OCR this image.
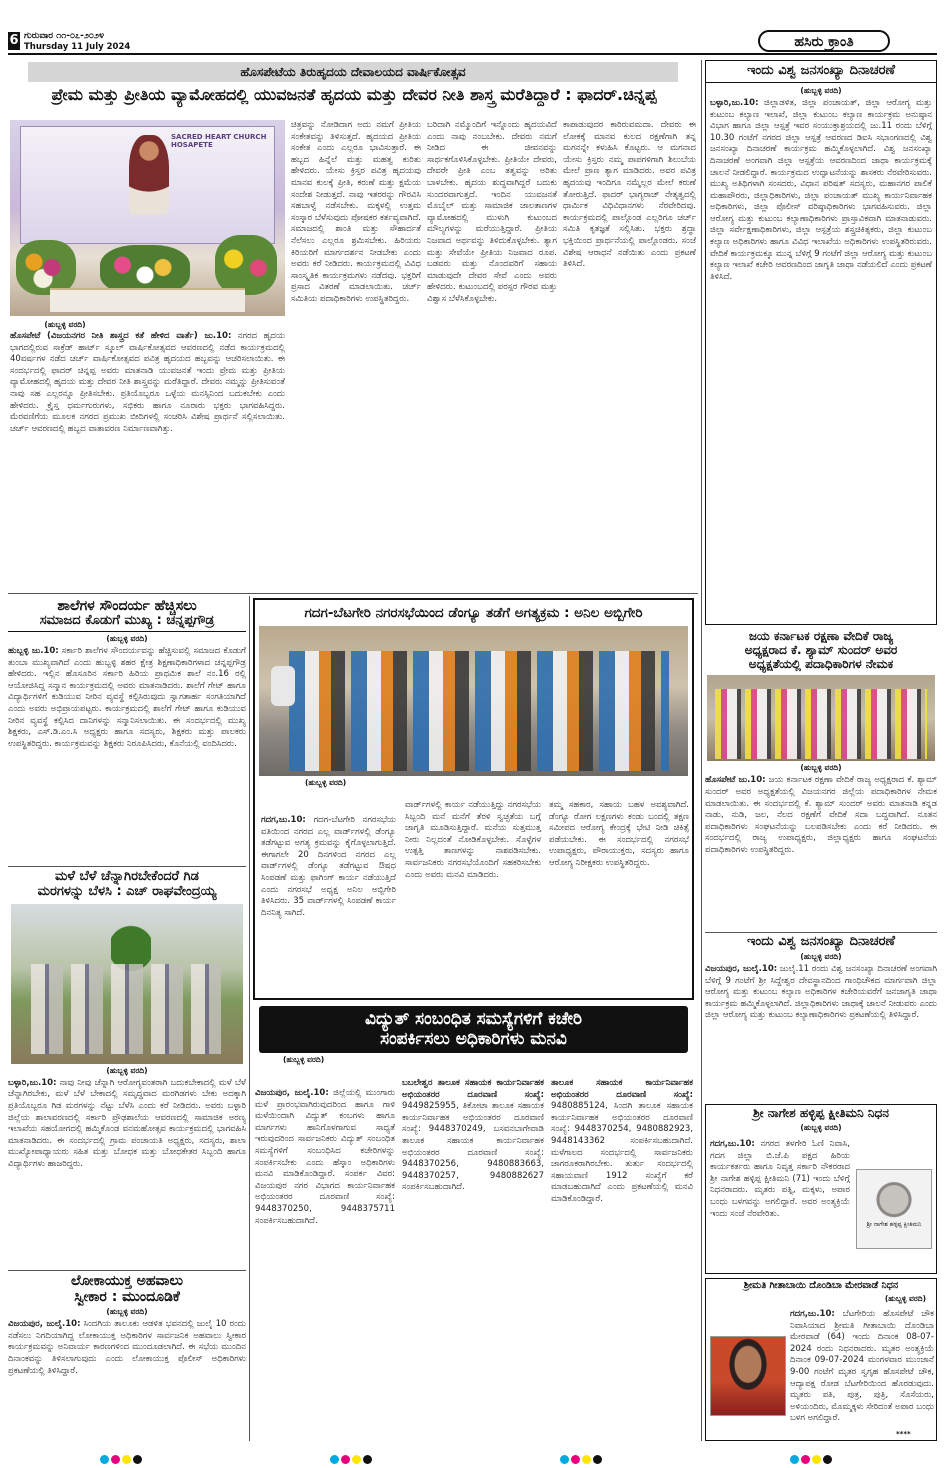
6 ಗುರುವಾರ ೧೧-೦೭-೨೦೨೪
Thursday 11 July 2024	ಹಸಿರು ಕ್ರಾಂತಿ
ಹೊಸಪೇಟೆಯ ತಿರುಹೃದಯ ದೇವಾಲಯದ ವಾರ್ಷಿಕೋತ್ಸವ
ಪ್ರೇಮ ಮತ್ತು ಪ್ರೀತಿಯ ವ್ಯಾಮೋಹದಲ್ಲಿ ಯುವಜನತೆ ಹೃದಯ ಮತ್ತು ದೇವರ ನೀತಿ ಶಾಸ್ತ್ರ ಮರೆತಿದ್ದಾರೆ : ಫಾದರ್.ಚಿನ್ನಪ್ಪ
SACRED HEART CHURCH HOSAPETE
(ಹುಬ್ಬಳ್ಳಿ ವರದಿ)
ಹೊಸಪೇಟೆ (ವಿಜಯನಗರ ನೀತಿ ಶಾಸ್ತ್ರದ ಕತೆ ಹೇಳಿದ ವಾರ್ತೆ) ಜು.10: ನಗರದ ಹೃದಯ ಭಾಗದಲ್ಲಿರುವ ಸಾಕ್ರೆಡ್ ಹಾರ್ಟ್ ಸ್ಕೂಲ್ ವಾರ್ಷಿಕೋತ್ಸವದ ಆವರಣದಲ್ಲಿ ನಡೆದ ಕಾರ್ಯಕ್ರಮದಲ್ಲಿ 40ವರ್ಷಗಳ ನಡೆದ ಚರ್ಚ್ ವಾರ್ಷಿಕೋತ್ಸವದ ಪವಿತ್ರ ಹೃದಯದ ಹಬ್ಬವನ್ನು ಆಚರಿಸಲಾಯಿತು. ಈ ಸಂದರ್ಭದಲ್ಲಿ ಫಾದರ್ ಚಿನ್ನಪ್ಪ ಅವರು ಮಾತನಾಡಿ ಯುವಜನತೆ ಇಂದು ಪ್ರೇಮ ಮತ್ತು ಪ್ರೀತಿಯ ವ್ಯಾಮೋಹದಲ್ಲಿ ಹೃದಯ ಮತ್ತು ದೇವರ ನೀತಿ ಶಾಸ್ತ್ರವನ್ನು ಮರೆತಿದ್ದಾರೆ. ದೇವರು ನಮ್ಮನ್ನು ಪ್ರೀತಿಸುವಂತೆ ನಾವು ಸಹ ಎಲ್ಲರನ್ನೂ ಪ್ರೀತಿಸಬೇಕು. ಪ್ರತಿಯೊಬ್ಬರೂ ಒಳ್ಳೆಯ ಮನಸ್ಸಿನಿಂದ ಬದುಕಬೇಕು ಎಂದು ಹೇಳಿದರು. ಕ್ರೈಸ್ತ ಧರ್ಮಗುರುಗಳು, ಸಭಿಕರು ಹಾಗೂ ನೂರಾರು ಭಕ್ತರು ಭಾಗವಹಿಸಿದ್ದರು. ಮೆರವಣಿಗೆಯ ಮೂಲಕ ನಗರದ ಪ್ರಮುಖ ಬೀದಿಗಳಲ್ಲಿ ಸಂಚರಿಸಿ ವಿಶೇಷ ಪ್ರಾರ್ಥನೆ ಸಲ್ಲಿಸಲಾಯಿತು. ಚರ್ಚ್ ಆವರಣದಲ್ಲಿ ಹಬ್ಬದ ವಾತಾವರಣ ನಿರ್ಮಾಣವಾಗಿತ್ತು.
ಚಿತ್ರವನ್ನು ನೋಡಿದಾಗ ಅದು ನಮಗೆ ಪ್ರೀತಿಯ ಸಂಕೇತವನ್ನು ತಿಳಿಸುತ್ತದೆ. ಹೃದಯದ ಪ್ರೀತಿಯ ಸಂಕೇತ ಎಂದು ಎಲ್ಲರೂ ಭಾವಿಸುತ್ತಾರೆ. ಈ ಹಬ್ಬದ ಹಿನ್ನೆಲೆ ಮತ್ತು ಮಹತ್ವ ಕುರಿತು ಹೇಳಿದರು. ಯೇಸು ಕ್ರಿಸ್ತರ ಪವಿತ್ರ ಹೃದಯವು ಮಾನವ ಕುಲಕ್ಕೆ ಪ್ರೀತಿ, ಕರುಣೆ ಮತ್ತು ಕ್ಷಮೆಯ ಸಂದೇಶ ನೀಡುತ್ತದೆ. ನಾವು ಇತರರನ್ನು ಗೌರವಿಸಿ ಸಹಬಾಳ್ವೆ ನಡೆಸಬೇಕು. ಮಕ್ಕಳಲ್ಲಿ ಉತ್ತಮ ಸಂಸ್ಕಾರ ಬೆಳೆಸುವುದು ಪೋಷಕರ ಕರ್ತವ್ಯವಾಗಿದೆ. ಸಮಾಜದಲ್ಲಿ ಶಾಂತಿ ಮತ್ತು ಸೌಹಾರ್ದತೆ ನೆಲೆಸಲು ಎಲ್ಲರೂ ಶ್ರಮಿಸಬೇಕು. ಹಿರಿಯರು ಕಿರಿಯರಿಗೆ ಮಾರ್ಗದರ್ಶನ ನೀಡಬೇಕು ಎಂದು ಅವರು ಕರೆ ನೀಡಿದರು. ಕಾರ್ಯಕ್ರಮದಲ್ಲಿ ವಿವಿಧ ಸಾಂಸ್ಕೃತಿಕ ಕಾರ್ಯಕ್ರಮಗಳು ನಡೆದವು. ಭಕ್ತರಿಗೆ ಪ್ರಸಾದ ವಿತರಣೆ ಮಾಡಲಾಯಿತು. ಚರ್ಚ್ ಸಮಿತಿಯ ಪದಾಧಿಕಾರಿಗಳು ಉಪಸ್ಥಿತರಿದ್ದರು.
ಬರಿದಾಗಿ ನಮ್ಮೊಂದಿಗೆ ಇನ್ನೊಂದು ಹೃದಯವಿದೆ ಎಂದು ನಾವು ನಂಬಬೇಕು. ದೇವರು ನಮಗೆ ನೀಡಿದ ಈ ಜೀವನವನ್ನು ಸಾರ್ಥಕಗೊಳಿಸಿಕೊಳ್ಳಬೇಕು. ಪ್ರೀತಿಯೇ ದೇವರು, ದೇವರೇ ಪ್ರೀತಿ ಎಂಬ ತತ್ವವನ್ನು ಅರಿತು ಬಾಳಬೇಕು. ಹೃದಯ ಶುದ್ಧವಾಗಿದ್ದರೆ ಬದುಕು ಸುಂದರವಾಗುತ್ತದೆ. ಇಂದಿನ ಯುವಜನತೆ ಮೊಬೈಲ್ ಮತ್ತು ಸಾಮಾಜಿಕ ಜಾಲತಾಣಗಳ ವ್ಯಾಮೋಹದಲ್ಲಿ ಮುಳುಗಿ ಕುಟುಂಬದ ಮೌಲ್ಯಗಳನ್ನು ಮರೆಯುತ್ತಿದ್ದಾರೆ. ಪ್ರೀತಿಯ ನಿಜವಾದ ಅರ್ಥವನ್ನು ತಿಳಿದುಕೊಳ್ಳಬೇಕು. ತ್ಯಾಗ ಮತ್ತು ಸೇವೆಯೇ ಪ್ರೀತಿಯ ನಿಜವಾದ ರೂಪ. ಬಡವರು ಮತ್ತು ನೊಂದವರಿಗೆ ಸಹಾಯ ಮಾಡುವುದೇ ದೇವರ ಸೇವೆ ಎಂದು ಅವರು ಹೇಳಿದರು. ಕುಟುಂಬದಲ್ಲಿ ಪರಸ್ಪರ ಗೌರವ ಮತ್ತು ವಿಶ್ವಾಸ ಬೆಳೆಸಿಕೊಳ್ಳಬೇಕು.
ಕಾಪಾಡುವುದರ ಕಾರಿರುವಮದಾ. ದೇವರು ಈ ಲೋಕಕ್ಕೆ ಮಾನವ ಕುಲದ ರಕ್ಷಣೆಗಾಗಿ ತನ್ನ ಮಗನನ್ನೇ ಕಳುಹಿಸಿ ಕೊಟ್ಟರು. ಆ ಮಗನಾದ ಯೇಸು ಕ್ರಿಸ್ತರು ನಮ್ಮ ಪಾಪಗಳಿಗಾಗಿ ಶಿಲುಬೆಯ ಮೇಲೆ ಪ್ರಾಣ ತ್ಯಾಗ ಮಾಡಿದರು. ಅವರ ಪವಿತ್ರ ಹೃದಯವು ಇಂದಿಗೂ ನಮ್ಮೆಲ್ಲರ ಮೇಲೆ ಕರುಣೆ ತೋರುತ್ತಿದೆ. ಫಾದರ್ ಭಾಗ್ಯರಾಜ್ ನೇತೃತ್ವದಲ್ಲಿ ಧಾರ್ಮಿಕ ವಿಧಿವಿಧಾನಗಳು ನೆರವೇರಿದವು. ಕಾರ್ಯಕ್ರಮದಲ್ಲಿ ಪಾಲ್ಗೊಂಡ ಎಲ್ಲರಿಗೂ ಚರ್ಚ್ ಸಮಿತಿ ಕೃತಜ್ಞತೆ ಸಲ್ಲಿಸಿತು. ಭಕ್ತರು ಶ್ರದ್ಧಾ ಭಕ್ತಿಯಿಂದ ಪ್ರಾರ್ಥನೆಯಲ್ಲಿ ಪಾಲ್ಗೊಂಡರು. ಸಂಜೆ ವಿಶೇಷ ಆರಾಧನೆ ನಡೆಯಿತು ಎಂದು ಪ್ರಕಟಣೆ ತಿಳಿಸಿದೆ.
ಶಾಲೆಗಳ ಸೌಂದರ್ಯ ಹೆಚ್ಚಿಸಲು
ಸಮಾಜದ ಕೊಡುಗೆ ಮುಖ್ಯ : ಚನ್ನಪ್ಪಗೌಡ್ರ
(ಹುಬ್ಬಳ್ಳಿ ವರದಿ)
ಹುಬ್ಬಳ್ಳಿ ಜು.10: ಸರ್ಕಾರಿ ಶಾಲೆಗಳ ಸೌಂದರ್ಯವನ್ನು ಹೆಚ್ಚಿಸುವಲ್ಲಿ ಸಮಾಜದ ಕೊಡುಗೆ ತುಂಬಾ ಮುಖ್ಯವಾಗಿದೆ ಎಂದು ಹುಬ್ಬಳ್ಳಿ ಶಹರ ಕ್ಷೇತ್ರ ಶಿಕ್ಷಣಾಧಿಕಾರಿಗಳಾದ ಚನ್ನಪ್ಪಗೌಡ್ರ ಹೇಳಿದರು. ಇಲ್ಲಿನ ಹೊಸೂರಿನ ಸರ್ಕಾರಿ ಹಿರಿಯ ಪ್ರಾಥಮಿಕ ಶಾಲೆ ನಂ.16 ರಲ್ಲಿ ಆಯೋಜಿಸಿದ್ದ ಸನ್ಮಾನ ಕಾರ್ಯಕ್ರಮದಲ್ಲಿ ಅವರು ಮಾತನಾಡಿದರು. ಶಾಲೆಗೆ ಗೇಟ್ ಹಾಗೂ ವಿದ್ಯಾರ್ಥಿಗಳಿಗೆ ಕುಡಿಯುವ ನೀರಿನ ವ್ಯವಸ್ಥೆ ಕಲ್ಪಿಸಿರುವುದು ಸ್ವಾಗತಾರ್ಹ ಸಂಗತಿಯಾಗಿದೆ ಎಂದು ಅವರು ಅಭಿಪ್ರಾಯಪಟ್ಟರು. ಕಾರ್ಯಕ್ರಮದಲ್ಲಿ ಶಾಲೆಗೆ ಗೇಟ್ ಹಾಗೂ ಕುಡಿಯುವ ನೀರಿನ ವ್ಯವಸ್ಥೆ ಕಲ್ಪಿಸಿದ ದಾನಿಗಳನ್ನು ಸನ್ಮಾನಿಸಲಾಯಿತು. ಈ ಸಂದರ್ಭದಲ್ಲಿ ಮುಖ್ಯ ಶಿಕ್ಷಕರು, ಎಸ್.ಡಿ.ಎಂ.ಸಿ ಅಧ್ಯಕ್ಷರು ಹಾಗೂ ಸದಸ್ಯರು, ಶಿಕ್ಷಕರು ಮತ್ತು ಪಾಲಕರು ಉಪಸ್ಥಿತರಿದ್ದರು. ಕಾರ್ಯಕ್ರಮವನ್ನು ಶಿಕ್ಷಕರು ನಿರೂಪಿಸಿದರು, ಕೊನೆಯಲ್ಲಿ ವಂದಿಸಿದರು.
ಮಳೆ ಬೆಳೆ ಚೆನ್ನಾಗಿರಬೇಕೆಂದರೆ ಗಿಡ
ಮರಗಳನ್ನು ಬೆಳಸಿ : ಎಚ್ ರಾಘವೇಂದ್ರಯ್ಯ
(ಹುಬ್ಬಳ್ಳಿ ವರದಿ)
ಬಳ್ಳಾರಿ,ಜು.10: ನಾವು ನೀವು ಚೆನ್ನಾಗಿ ಆರೋಗ್ಯವಂತರಾಗಿ ಬದುಕಬೇಕಾದಲ್ಲಿ ಮಳೆ ಬೆಳೆ ಚೆನ್ನಾಗಿರಬೇಕು, ಮಳೆ ಬೆಳೆ ಬೇಕಾದಲ್ಲಿ ಸಮೃದ್ಧವಾದ ಮರಗಿಡಗಳು ಬೇಕು ಅದಕ್ಕಾಗಿ ಪ್ರತಿಯೊಬ್ಬರೂ ಗಿಡ ಮರಗಳನ್ನು ನೆಟ್ಟು ಬೆಳೆಸಿ ಎಂದು ಕರೆ ನೀಡಿದರು. ಅವರು ಬಳ್ಳಾರಿ ಜಿಲ್ಲೆಯ ಶಾಲಾವರಣದಲ್ಲಿ ಸರ್ಕಾರಿ ಪ್ರೌಢಶಾಲೆಯ ಆವರಣದಲ್ಲಿ ಸಾಮಾಜಿಕ ಅರಣ್ಯ ಇಲಾಖೆಯ ಸಹಯೋಗದಲ್ಲಿ ಹಮ್ಮಿಕೊಂಡ ವನಮಹೋತ್ಸವ ಕಾರ್ಯಕ್ರಮದಲ್ಲಿ ಭಾಗವಹಿಸಿ ಮಾತನಾಡಿದರು. ಈ ಸಂದರ್ಭದಲ್ಲಿ ಗ್ರಾಮ ಪಂಚಾಯತಿ ಅಧ್ಯಕ್ಷರು, ಸದಸ್ಯರು, ಶಾಲಾ ಮುಖ್ಯೋಪಾಧ್ಯಾಯರು ಸಹಿತ ಮತ್ತು ಬೋಧಕ ಮತ್ತು ಬೋಧಕೇತರ ಸಿಬ್ಬಂದಿ ಹಾಗೂ ವಿದ್ಯಾರ್ಥಿಗಳು ಹಾಜರಿದ್ದರು.
ಲೋಕಾಯುಕ್ತ ಅಹವಾಲು
ಸ್ವೀಕಾರ : ಮುಂದೂಡಿಕೆ
(ಹುಬ್ಬಳ್ಳಿ ವರದಿ)
ವಿಜಯಪುರ, ಜುಲೈ.10: ಸಿಂದಗಿಯ ತಾಲೂಕು ಆಡಳಿತ ಭವನದಲ್ಲಿ ಜುಲೈ 10 ರಂದು ನಡೆಸಲು ನಿಗದಿಯಾಗಿದ್ದ ಲೋಕಾಯುಕ್ತ ಅಧಿಕಾರಿಗಳ ಸಾರ್ವಜನಿಕ ಅಹವಾಲು ಸ್ವೀಕಾರ ಕಾರ್ಯಕ್ರಮವನ್ನು ಅನಿವಾರ್ಯ ಕಾರಣಗಳಿಂದ ಮುಂದೂಡಲಾಗಿದೆ. ಈ ಸಭೆಯ ಮುಂದಿನ ದಿನಾಂಕವನ್ನು ತಿಳಿಸಲಾಗುವುದು ಎಂದು ಲೋಕಾಯುಕ್ತ ಪೊಲೀಸ್ ಅಧಿಕಾರಿಗಳು ಪ್ರಕಟಣೆಯಲ್ಲಿ ತಿಳಿಸಿದ್ದಾರೆ.
ಗದಗ-ಬೆಟಗೇರಿ ನಗರಸಭೆಯಿಂದ ಡೆಂಗ್ಯೂ ತಡೆಗೆ ಅಗತ್ಯಕ್ರಮ : ಅನಿಲ ಅಬ್ಬಿಗೇರಿ
(ಹುಬ್ಬಳ್ಳಿ ವರದಿ)
ಗದಗ,ಜು.10: ಗದಗ-ಬೆಟಗೇರಿ ನಗರಸಭೆಯ ವತಿಯಿಂದ ನಗರದ ಎಲ್ಲ ವಾರ್ಡ್‌ಗಳಲ್ಲಿ ಡೆಂಗ್ಯೂ ತಡೆಗಟ್ಟುವ ಅಗತ್ಯ ಕ್ರಮವನ್ನು ಕೈಗೊಳ್ಳಲಾಗುತ್ತಿದೆ. ಈಗಾಗಲೇ 20 ದಿನಗಳಿಂದ ನಗರದ ಎಲ್ಲ ವಾರ್ಡ್‌ಗಳಲ್ಲಿ ಡೆಂಗ್ಯೂ ತಡೆಗಟ್ಟುವ ಔಷಧ ಸಿಂಪಡಣೆ ಮತ್ತು ಫಾಗಿಂಗ್ ಕಾರ್ಯ ನಡೆಯುತ್ತಿದೆ ಎಂದು ನಗರಸಭೆ ಅಧ್ಯಕ್ಷ ಅನಿಲ ಅಬ್ಬಿಗೇರಿ ತಿಳಿಸಿದರು. 35 ವಾರ್ಡ್‌ಗಳಲ್ಲಿ ಸಿಂಪಡಣೆ ಕಾರ್ಯ ದಿನನಿತ್ಯ ಸಾಗಿದೆ.
ವಾರ್ಡ್‌ಗಳಲ್ಲಿ ಕಾರ್ಯ ನಡೆಯುತ್ತಿದ್ದು ನಗರಸಭೆಯ ಸಿಬ್ಬಂದಿ ಮನೆ ಮನೆಗೆ ತೆರಳಿ ಸ್ವಚ್ಛತೆಯ ಬಗ್ಗೆ ಜಾಗೃತಿ ಮೂಡಿಸುತ್ತಿದ್ದಾರೆ. ಮನೆಯ ಸುತ್ತಮುತ್ತ ನೀರು ನಿಲ್ಲದಂತೆ ನೋಡಿಕೊಳ್ಳಬೇಕು. ಸೊಳ್ಳೆಗಳ ಉತ್ಪತ್ತಿ ತಾಣಗಳನ್ನು ನಾಶಪಡಿಸಬೇಕು. ಸಾರ್ವಜನಿಕರು ನಗರಸಭೆಯೊಂದಿಗೆ ಸಹಕರಿಸಬೇಕು ಎಂದು ಅವರು ಮನವಿ ಮಾಡಿದರು.
ತಮ್ಮ ಸಹಕಾರ, ಸಹಾಯ ಬಹಳ ಅವಶ್ಯವಾಗಿದೆ. ಡೆಂಗ್ಯೂ ರೋಗ ಲಕ್ಷಣಗಳು ಕಂಡು ಬಂದಲ್ಲಿ ತಕ್ಷಣ ಸಮೀಪದ ಆರೋಗ್ಯ ಕೇಂದ್ರಕ್ಕೆ ಭೇಟಿ ನೀಡಿ ಚಿಕಿತ್ಸೆ ಪಡೆಯಬೇಕು. ಈ ಸಂದರ್ಭದಲ್ಲಿ ನಗರಸಭೆ ಉಪಾಧ್ಯಕ್ಷರು, ಪೌರಾಯುಕ್ತರು, ಸದಸ್ಯರು ಹಾಗೂ ಆರೋಗ್ಯ ನಿರೀಕ್ಷಕರು ಉಪಸ್ಥಿತರಿದ್ದರು.
ವಿದ್ಯುತ್ ಸಂಬಂಧಿತ ಸಮಸ್ಯೆಗಳಿಗೆ ಕಚೇರಿ
ಸಂಪರ್ಕಿಸಲು ಅಧಿಕಾರಿಗಳು ಮನವಿ
(ಹುಬ್ಬಳ್ಳಿ ವರದಿ)
ವಿಜಯಪುರ, ಜುಲೈ.10: ಜಿಲ್ಲೆಯಲ್ಲಿ ಮುಂಗಾರು ಮಳೆ ಪ್ರಾರಂಭವಾಗಿರುವುದರಿಂದ ಹಾಗೂ ಗಾಳಿ ಮಳೆಯಿಂದಾಗಿ ವಿದ್ಯುತ್ ಕಂಬಗಳು ಹಾಗೂ ಮಾರ್ಗಗಳು ಹಾನಿಗೊಳಗಾಗುವ ಸಾಧ್ಯತೆ ಇರುವುದರಿಂದ ಸಾರ್ವಜನಿಕರು ವಿದ್ಯುತ್ ಸಂಬಂಧಿತ ಸಮಸ್ಯೆಗಳಿಗೆ ಸಂಬಂಧಿಸಿದ ಕಚೇರಿಗಳನ್ನು ಸಂಪರ್ಕಿಸಬೇಕು ಎಂದು ಹೆಸ್ಕಾಂ ಅಧಿಕಾರಿಗಳು ಮನವಿ ಮಾಡಿಕೊಂಡಿದ್ದಾರೆ. ಸಂಪರ್ಕ ವಿವರ: ವಿಜಯಪುರ ನಗರ ವಿಭಾಗದ ಕಾರ್ಯನಿರ್ವಾಹಕ ಅಭಿಯಂತರರ ದೂರವಾಣಿ ಸಂಖ್ಯೆ: 9448370250, 9448375711 ಸಂಪರ್ಕಿಸಬಹುದಾಗಿದೆ.
ಬಬಲೇಶ್ವರ ತಾಲೂಕ ಸಹಾಯಕ ಕಾರ್ಯನಿರ್ವಾಹಕ ಅಭಿಯಂತರರ ದೂರವಾಣಿ ಸಂಖ್ಯೆ: 9449825955, ತಿಕೋಟಾ ತಾಲೂಕ ಸಹಾಯಕ ಕಾರ್ಯನಿರ್ವಾಹಕ ಅಭಿಯಂತರರ ದೂರವಾಣಿ ಸಂಖ್ಯೆ: 9448370249, ಬಸವನಬಾಗೇವಾಡಿ ತಾಲೂಕ ಸಹಾಯಕ ಕಾರ್ಯನಿರ್ವಾಹಕ ಅಭಿಯಂತರರ ದೂರವಾಣಿ ಸಂಖ್ಯೆ: 9448370256, 9480883663, 9448370257, 9480882627 ಸಂಪರ್ಕಿಸಬಹುದಾಗಿದೆ.
ತಾಲೂಕ ಸಹಾಯಕ ಕಾರ್ಯನಿರ್ವಾಹಕ ಅಭಿಯಂತರರ ದೂರವಾಣಿ ಸಂಖ್ಯೆ: 9480885124, ಸಿಂದಗಿ ತಾಲೂಕ ಸಹಾಯಕ ಕಾರ್ಯನಿರ್ವಾಹಕ ಅಭಿಯಂತರರ ದೂರವಾಣಿ ಸಂಖ್ಯೆ: 9448370254, 9480882923, 9448143362 ಸಂಪರ್ಕಿಸಬಹುದಾಗಿದೆ. ಮಳೆಗಾಲದ ಸಂದರ್ಭದಲ್ಲಿ ಸಾರ್ವಜನಿಕರು ಜಾಗರೂಕರಾಗಿರಬೇಕು. ತುರ್ತು ಸಂದರ್ಭದಲ್ಲಿ ಸಹಾಯವಾಣಿ 1912 ಸಂಖ್ಯೆಗೆ ಕರೆ ಮಾಡಬಹುದಾಗಿದೆ ಎಂದು ಪ್ರಕಟಣೆಯಲ್ಲಿ ಮನವಿ ಮಾಡಿಕೊಂಡಿದ್ದಾರೆ.
ಇಂದು ವಿಶ್ವ ಜನಸಂಖ್ಯಾ ದಿನಾಚರಣೆ
(ಹುಬ್ಬಳ್ಳಿ ವರದಿ)
ಬಳ್ಳಾರಿ,ಜು.10: ಜಿಲ್ಲಾಡಳಿತ, ಜಿಲ್ಲಾ ಪಂಚಾಯತ್, ಜಿಲ್ಲಾ ಆರೋಗ್ಯ ಮತ್ತು ಕುಟುಂಬ ಕಲ್ಯಾಣ ಇಲಾಖೆ, ಜಿಲ್ಲಾ ಕುಟುಂಬ ಕಲ್ಯಾಣ ಕಾರ್ಯಕ್ರಮ ಅನುಷ್ಠಾನ ವಿಭಾಗ ಹಾಗೂ ಜಿಲ್ಲಾ ಆಸ್ಪತ್ರೆ ಇವರ ಸಂಯುಕ್ತಾಶ್ರಯದಲ್ಲಿ ಜು.11 ರಂದು ಬೆಳಿಗ್ಗೆ 10.30 ಗಂಟೆಗೆ ನಗರದ ಜಿಲ್ಲಾ ಆಸ್ಪತ್ರೆ ಆವರಣದ ಡಿಐಸಿ ಸಭಾಂಗಣದಲ್ಲಿ ವಿಶ್ವ ಜನಸಂಖ್ಯಾ ದಿನಾಚರಣೆ ಕಾರ್ಯಕ್ರಮ ಹಮ್ಮಿಕೊಳ್ಳಲಾಗಿದೆ. ವಿಶ್ವ ಜನಸಂಖ್ಯಾ ದಿನಾಚರಣೆ ಅಂಗವಾಗಿ ಜಿಲ್ಲಾ ಆಸ್ಪತ್ರೆಯ ಆವರಣದಿಂದ ಜಾಥಾ ಕಾರ್ಯಕ್ರಮಕ್ಕೆ ಚಾಲನೆ ನೀಡಲಿದ್ದಾರೆ. ಕಾರ್ಯಕ್ರಮದ ಉದ್ಘಾಟನೆಯನ್ನು ಶಾಸಕರು ನೆರವೇರಿಸುವರು. ಮುಖ್ಯ ಅತಿಥಿಗಳಾಗಿ ಸಂಸದರು, ವಿಧಾನ ಪರಿಷತ್ ಸದಸ್ಯರು, ಮಹಾನಗರ ಪಾಲಿಕೆ ಮಹಾಪೌರರು, ಜಿಲ್ಲಾಧಿಕಾರಿಗಳು, ಜಿಲ್ಲಾ ಪಂಚಾಯತ್ ಮುಖ್ಯ ಕಾರ್ಯನಿರ್ವಾಹಕ ಅಧಿಕಾರಿಗಳು, ಜಿಲ್ಲಾ ಪೊಲೀಸ್ ವರಿಷ್ಠಾಧಿಕಾರಿಗಳು ಭಾಗವಹಿಸುವರು. ಜಿಲ್ಲಾ ಆರೋಗ್ಯ ಮತ್ತು ಕುಟುಂಬ ಕಲ್ಯಾಣಾಧಿಕಾರಿಗಳು ಪ್ರಾಸ್ತಾವಿಕವಾಗಿ ಮಾತನಾಡುವರು. ಜಿಲ್ಲಾ ಸರ್ವೇಕ್ಷಣಾಧಿಕಾರಿಗಳು, ಜಿಲ್ಲಾ ಆಸ್ಪತ್ರೆಯ ಶಸ್ತ್ರಚಿಕಿತ್ಸಕರು, ಜಿಲ್ಲಾ ಕುಟುಂಬ ಕಲ್ಯಾಣ ಅಧಿಕಾರಿಗಳು ಹಾಗೂ ವಿವಿಧ ಇಲಾಖೆಯ ಅಧಿಕಾರಿಗಳು ಉಪಸ್ಥಿತರಿರುವರು. ವೇದಿಕೆ ಕಾರ್ಯಕ್ರಮಕ್ಕೂ ಮುನ್ನ ಬೆಳಿಗ್ಗೆ 9 ಗಂಟೆಗೆ ಜಿಲ್ಲಾ ಆರೋಗ್ಯ ಮತ್ತು ಕುಟುಂಬ ಕಲ್ಯಾಣ ಇಲಾಖೆ ಕಚೇರಿ ಆವರಣದಿಂದ ಜಾಗೃತಿ ಜಾಥಾ ನಡೆಯಲಿದೆ ಎಂದು ಪ್ರಕಟಣೆ ತಿಳಿಸಿದೆ.
ಜಯ ಕರ್ನಾಟಕ ರಕ್ಷಣಾ ವೇದಿಕೆ ರಾಜ್ಯ
ಅಧ್ಯಕ್ಷರಾದ ಕೆ. ಶ್ಯಾಮ್ ಸುಂದರ್ ಅವರ
ಅಧ್ಯಕ್ಷತೆಯಲ್ಲಿ ಪದಾಧಿಕಾರಿಗಳ ನೇಮಕ
(ಹುಬ್ಬಳ್ಳಿ ವರದಿ)
ಹೊಸಪೇಟೆ ಜು.10: ಜಯ ಕರ್ನಾಟಕ ರಕ್ಷಣಾ ವೇದಿಕೆ ರಾಜ್ಯ ಅಧ್ಯಕ್ಷರಾದ ಕೆ. ಶ್ಯಾಮ್ ಸುಂದರ್ ಅವರ ಅಧ್ಯಕ್ಷತೆಯಲ್ಲಿ ವಿಜಯನಗರ ಜಿಲ್ಲೆಯ ಪದಾಧಿಕಾರಿಗಳ ನೇಮಕ ಮಾಡಲಾಯಿತು. ಈ ಸಂದರ್ಭದಲ್ಲಿ ಕೆ. ಶ್ಯಾಮ್ ಸುಂದರ್ ಅವರು ಮಾತನಾಡಿ ಕನ್ನಡ ನಾಡು, ನುಡಿ, ಜಲ, ನೆಲದ ರಕ್ಷಣೆಗೆ ವೇದಿಕೆ ಸದಾ ಬದ್ಧವಾಗಿದೆ. ನೂತನ ಪದಾಧಿಕಾರಿಗಳು ಸಂಘಟನೆಯನ್ನು ಬಲಪಡಿಸಬೇಕು ಎಂದು ಕರೆ ನೀಡಿದರು. ಈ ಸಂದರ್ಭದಲ್ಲಿ ರಾಜ್ಯ ಉಪಾಧ್ಯಕ್ಷರು, ಜಿಲ್ಲಾಧ್ಯಕ್ಷರು ಹಾಗೂ ಸಂಘಟನೆಯ ಪದಾಧಿಕಾರಿಗಳು ಉಪಸ್ಥಿತರಿದ್ದರು.
ಇಂದು ವಿಶ್ವ ಜನಸಂಖ್ಯಾ ದಿನಾಚರಣೆ
(ಹುಬ್ಬಳ್ಳಿ ವರದಿ)
ವಿಜಯಪುರ, ಜುಲೈ.10: ಜುಲೈ.11 ರಂದು ವಿಶ್ವ ಜನಸಂಖ್ಯಾ ದಿನಾಚರಣೆ ಅಂಗವಾಗಿ ಬೆಳಿಗ್ಗೆ 9 ಗಂಟೆಗೆ ಶ್ರೀ ಸಿದ್ದೇಶ್ವರ ದೇವಸ್ಥಾನದಿಂದ ಗಾಂಧಿಚೌಕದ ಮಾರ್ಗವಾಗಿ ಜಿಲ್ಲಾ ಆರೋಗ್ಯ ಮತ್ತು ಕುಟುಂಬ ಕಲ್ಯಾಣ ಅಧಿಕಾರಿಗಳ ಕಚೇರಿಯವರೆಗೆ ಜನಜಾಗೃತಿ ಜಾಥಾ ಕಾರ್ಯಕ್ರಮ ಹಮ್ಮಿಕೊಳ್ಳಲಾಗಿದೆ. ಜಿಲ್ಲಾಧಿಕಾರಿಗಳು ಜಾಥಾಕ್ಕೆ ಚಾಲನೆ ನೀಡುವರು ಎಂದು ಜಿಲ್ಲಾ ಆರೋಗ್ಯ ಮತ್ತು ಕುಟುಂಬ ಕಲ್ಯಾಣಾಧಿಕಾರಿಗಳು ಪ್ರಕಟಣೆಯಲ್ಲಿ ತಿಳಿಸಿದ್ದಾರೆ.
ಶ್ರೀ ನಾಗೇಶ ಹಳ್ಳಿಪ್ಪ ಕ್ಷೀತಿಮನಿ ನಿಧನ
(ಹುಬ್ಬಳ್ಳಿ ವರದಿ)
ಗದಗ,ಜು.10: ನಗರದ ತಳಗೇರಿ ಓಣಿ ನಿವಾಸಿ, ಗದಗ ಜಿಲ್ಲಾ ಬಿ.ಜೆ.ಪಿ ಪಕ್ಷದ ಹಿರಿಯ ಕಾರ್ಯಕರ್ತರು ಹಾಗೂ ನಿವೃತ್ತ ಸರ್ಕಾರಿ ನೌಕರರಾದ ಶ್ರೀ ನಾಗೇಶ ಹಳ್ಳಿಪ್ಪ ಕ್ಷೀತಿಮನಿ (71) ಇಂದು ಬೆಳಿಗ್ಗೆ ನಿಧನರಾದರು. ಮೃತರು ಪತ್ನಿ, ಮಕ್ಕಳು, ಅಪಾರ ಬಂಧು ಬಳಗವನ್ನು ಅಗಲಿದ್ದಾರೆ. ಅವರ ಅಂತ್ಯಕ್ರಿಯೆ ಇಂದು ಸಂಜೆ ನೆರವೇರಿತು.
ಶ್ರೀ ನಾಗೇಶ ಹಳ್ಳಿಪ್ಪ ಕ್ಷೀತಿಮನಿ
ಶ್ರೀಮತಿ ಗೀತಾಬಾಯಿ ದೊಂಡಿಬಾ ಮೇರವಾಡೆ ನಿಧನ
(ಹುಬ್ಬಳ್ಳಿ ವರದಿ)
ಗದಗ,ಜು.10: ಬೆಟಗೇರಿಯ ಹೊಸಪೇಟೆ ಚೌಕ ನಿವಾಸಿಯಾದ ಶ್ರೀಮತಿ ಗೀತಾಬಾಯಿ ದೊಂಡಿಬಾ ಮೇರವಾಡೆ (64) ಇಂದು ದಿನಾಂಕ 08-07-2024 ರಂದು ನಿಧನರಾದರು. ಮೃತರ ಅಂತ್ಯಕ್ರಿಯೆ ದಿನಾಂಕ 09-07-2024 ಮಂಗಳವಾರ ಮುಂಜಾನೆ 9-00 ಗಂಟೆಗೆ ಮೃತರ ಸ್ವಗೃಹ ಹೊಸಪೇಟೆ ಚೌಕ, ಆದ್ಯಾಪಕ್ಷ ರೋಡ ಬೆಟಗೇರಿಯಿಂದ ಹೊರಡುವುದು. ಮೃತರು ಪತಿ, ಪುತ್ರ, ಪುತ್ರಿ, ಸೊಸೆಯರು, ಅಳಿಯಂದಿರು, ಮೊಮ್ಮಕ್ಕಳು ಸೇರಿದಂತೆ ಅಪಾರ ಬಂಧು ಬಳಗ ಅಗಲಿದ್ದಾರೆ.
****
